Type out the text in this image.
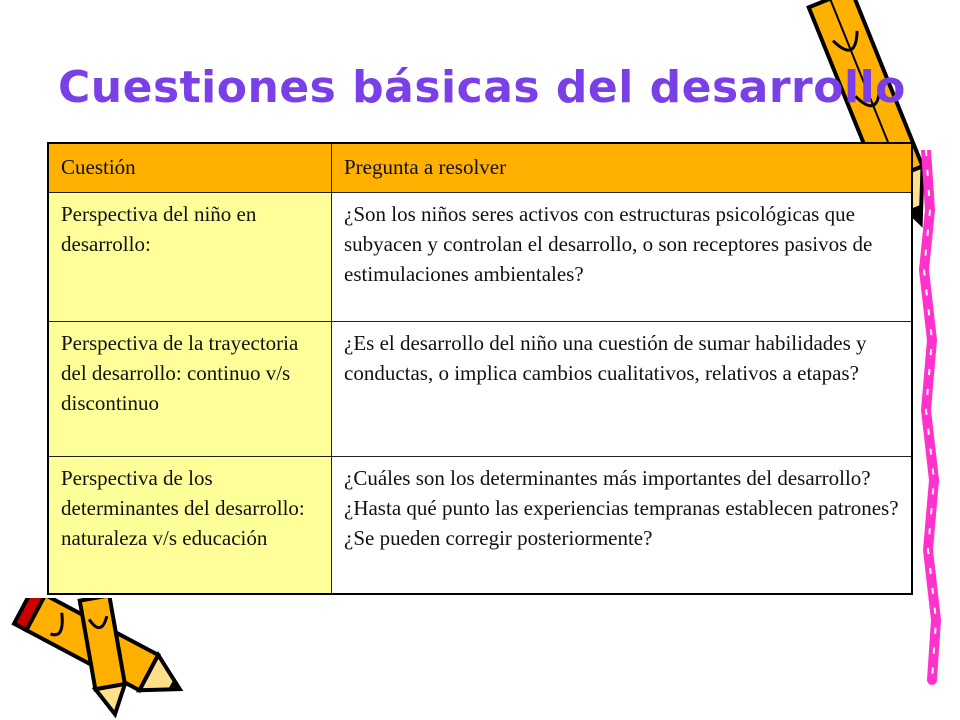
Cuestiones básicas del desarrollo
Cuestión	Pregunta a resolver
Perspectiva del niño en desarrollo:	¿Son los niños seres activos con estructuras psicológicas que subyacen y controlan el desarrollo, o son receptores pasivos de estimulaciones ambientales?
Perspectiva de la trayectoria del desarrollo: continuo v/s discontinuo	¿Es el desarrollo del niño una cuestión de sumar habilidades y conductas, o implica cambios cualitativos, relativos a etapas?
Perspectiva de los determinantes del desarrollo: naturaleza v/s educación	¿Cuáles son los determinantes más importantes del desarrollo?¿Hasta qué punto las experiencias tempranas establecen patrones?¿Se pueden corregir posteriormente?
